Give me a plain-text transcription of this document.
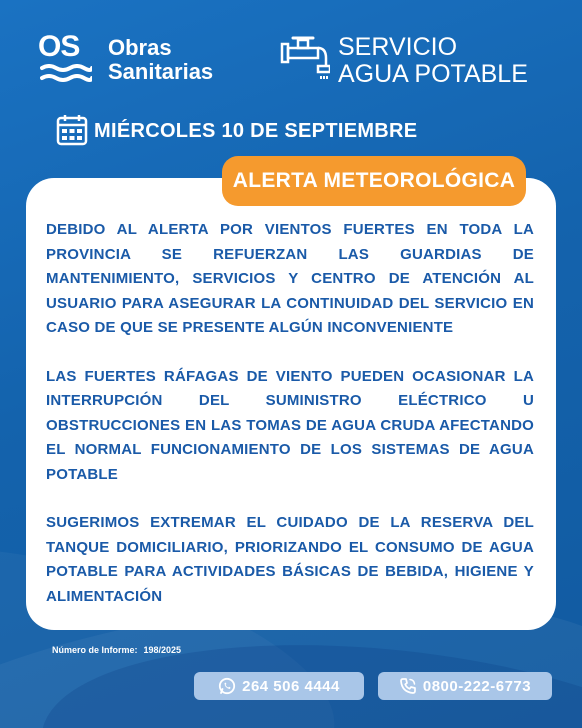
OS Obras
Sanitarias
SERVICIO
AGUA POTABLE
MIÉRCOLES 10 DE SEPTIEMBRE

DEBIDO AL ALERTA POR VIENTOS FUERTES EN TODA LA PROVINCIA SE REFUERZAN LAS GUARDIAS DE MANTENIMIENTO, SERVICIOS Y CENTRO DE ATENCIÓN AL USUARIO PARA ASEGURAR LA CONTINUIDAD DEL SERVICIO EN CASO DE QUE SE PRESENTE ALGÚN INCONVENIENTE

LAS FUERTES RÁFAGAS DE VIENTO PUEDEN OCASIONAR LA INTERRUPCIÓN DEL SUMINISTRO ELÉCTRICO U OBSTRUCCIONES EN LAS TOMAS DE AGUA CRUDA AFECTANDO EL NORMAL FUNCIONAMIENTO DE LOS SISTEMAS DE AGUA POTABLE

SUGERIMOS EXTREMAR EL CUIDADO DE LA RESERVA DEL TANQUE DOMICILIARIO, PRIORIZANDO EL CONSUMO DE AGUA POTABLE PARA ACTIVIDADES BÁSICAS DE BEBIDA, HIGIENE Y ALIMENTACIÓN

ALERTA METEOROLÓGICA
Número de Informe: 198/2025
264 506 4444	0800-222-6773
